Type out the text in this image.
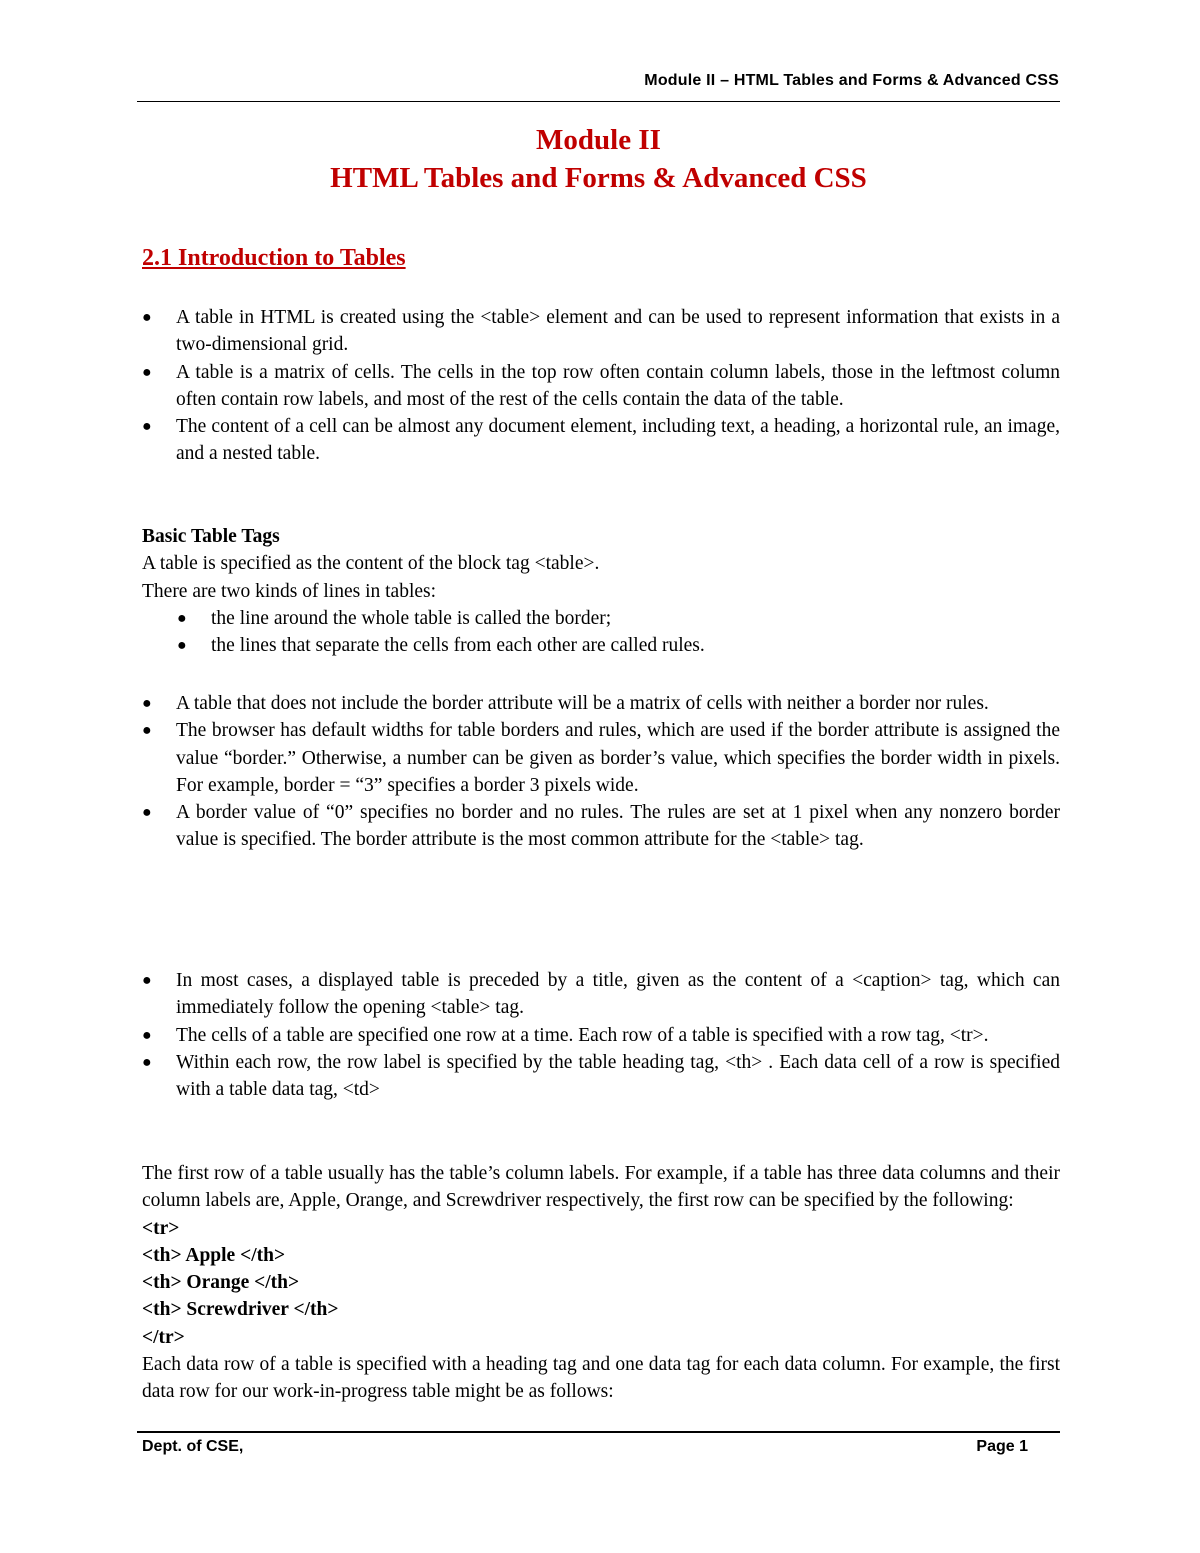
Module II – HTML Tables and Forms & Advanced CSS
Module II
HTML Tables and Forms & Advanced CSS
2.1 Introduction to Tables
●	A table in HTML is created using the <table> element and can be used to represent information that exists in a two-dimensional grid.
●	A table is a matrix of cells. The cells in the top row often contain column labels, those in the leftmost column often contain row labels, and most of the rest of the cells contain the data of the table.
●	The content of a cell can be almost any document element, including text, a heading, a horizontal rule, an image, and a nested table.
Basic Table Tags
A table is specified as the content of the block tag <table>.
There are two kinds of lines in tables:
●	the line around the whole table is called the border;
●	the lines that separate the cells from each other are called rules.
●	A table that does not include the border attribute will be a matrix of cells with neither a border nor rules.
●	The browser has default widths for table borders and rules, which are used if the border attribute is assigned the value “border.” Otherwise, a number can be given as border’s value, which specifies the border width in pixels. For example, border = “3” specifies a border 3 pixels wide.
●	A border value of “0” specifies no border and no rules. The rules are set at 1 pixel when any nonzero border value is specified. The border attribute is the most common attribute for the <table> tag.
●	In most cases, a displayed table is preceded by a title, given as the content of a <caption> tag, which can immediately follow the opening <table> tag.
●	The cells of a table are specified one row at a time. Each row of a table is specified with a row tag, <tr>.
●	Within each row, the row label is specified by the table heading tag, <th> . Each data cell of a row is specified with a table data tag, <td>

The first row of a table usually has the table’s column labels. For example, if a table has three data columns and their column labels are, Apple, Orange, and Screwdriver respectively, the first row can be specified by the following:

<tr>
<th> Apple </th>
<th> Orange </th>
<th> Screwdriver </th>
</tr>

Each data row of a table is specified with a heading tag and one data tag for each data column. For example, the first data row for our work-in-progress table might be as follows:

Dept. of CSE,	Page 1
